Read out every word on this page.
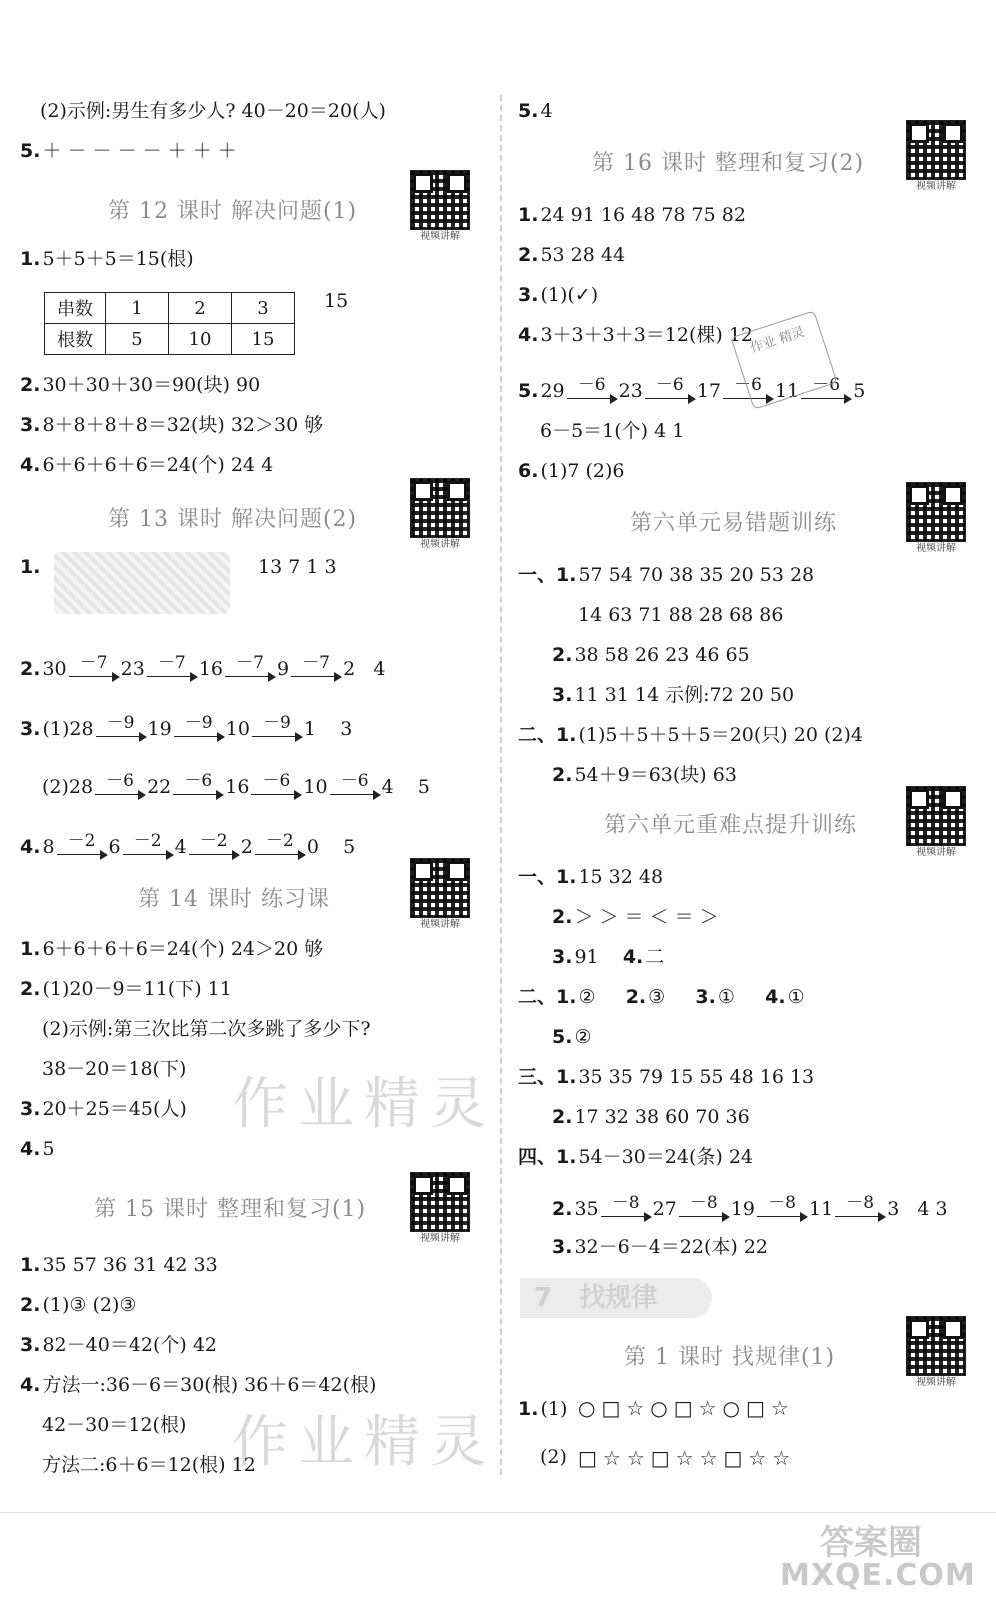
(2)示例:男生有多少人? 40－20＝20(人)
5. ＋ － － － － ＋ ＋ ＋
第 12 课时 解决问题(1)
视频讲解
1. 5＋5＋5＝15(根)
串数	1	2	3
根数	5	10	15
15
2. 30＋30＋30＝90(块) 90
3. 8＋8＋8＋8＝32(块) 32＞30 够
4. 6＋6＋6＋6＝24(个) 24 4
第 13 课时 解决问题(2)
视频讲解
1.	13 7 1 3
2. 30 －7 23 －7 16 －7 9 －7 2 4
3. (1)28 －9 19 －9 10 －9 1 3
(2)28 －6 22 －6 16 －6 10 －6 4 5
4. 8 －2 6 －2 4 －2 2 －2 0 5
第 14 课时 练习课
视频讲解
1. 6＋6＋6＋6＝24(个) 24＞20 够
2. (1)20－9＝11(下) 11
(2)示例:第三次比第二次多跳了多少下?
38－20＝18(下)
3. 20＋25＝45(人) 作业精灵
4. 5
第 15 课时 整理和复习(1)
视频讲解
1. 35 57 36 31 42 33
2. (1)③ (2)③
3. 82－40＝42(个) 42
4. 方法一:36－6＝30(根) 36＋6＝42(根)
42－30＝12(根) 作业精灵
方法二:6＋6＝12(根) 12
5. 4
第 16 课时 整理和复习(2)
视频讲解
1. 24 91 16 48 78 75 82
2. 53 28 44
3. (1)(✓)
4. 3＋3＋3＋3＝12(棵) 12
5. 29 －6 23 －6 17 －6 11 －6 5
6－5＝1(个) 4 1
6. (1)7 (2)6
第六单元易错题训练
视频讲解
一、1. 57 54 70 38 35 20 53 28
14 63 71 88 28 68 86
2. 38 58 26 23 46 65
3. 11 31 14 示例:72 20 50
二、1. (1)5＋5＋5＋5＝20(只) 20 (2)4
2. 54＋9＝63(块) 63
第六单元重难点提升训练
视频讲解
一、1. 15 32 48
2. ＞ ＞ ＝ ＜ ＝ ＞
3. 91 4. 二
二、1. ② 2. ③ 3. ① 4. ①
5. ②
三、1. 35 35 79 15 55 48 16 13
2. 17 32 38 60 70 36
四、1. 54－30＝24(条) 24
2. 35 －8 27 －8 19 －8 11 －8 3 4 3
3. 32－6－4＝22(本) 22
第 1 课时 找规律(1)
视频讲解
1. (1) ○□☆○□☆○□☆
(2) □☆☆□☆☆□☆☆
作业 精灵
7 找规律
答案圈
MXQE.COM
